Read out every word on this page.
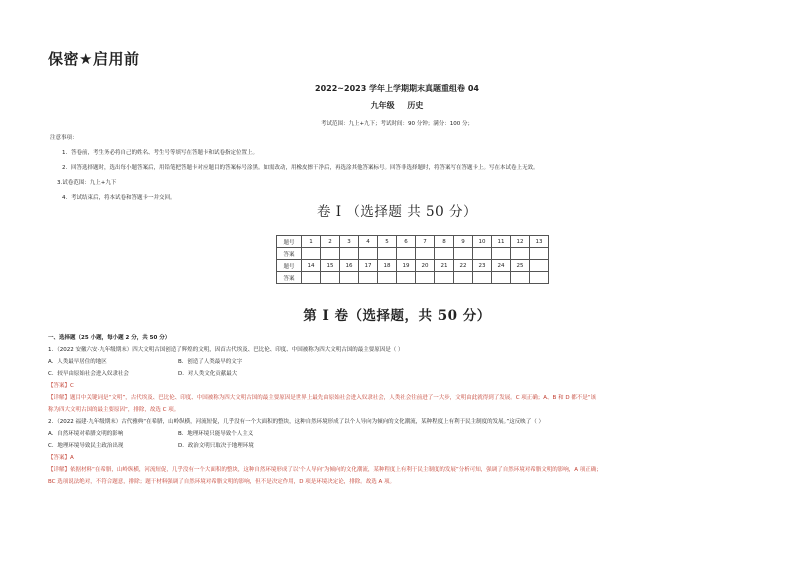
保密★启用前
2022~2023 学年上学期期末真题重组卷 04
九年级 历史
考试范围：九上+九下；考试时间：90 分钟；满分：100 分；
注意事项：
1．答卷前，考生务必将自己的姓名、考生号等填写在答题卡和试卷指定位置上。
2．回答选择题时，选出每小题答案后，用铅笔把答题卡对应题目的答案标号涂黑。如需改动，用橡皮擦干净后，再选涂其他答案标号。回答非选择题时，将答案写在答题卡上。写在本试卷上无效。
3.试卷范围：九上+九下
4．考试结束后，将本试卷和答题卡一并交回。
卷 I （选择题 共 50 分）
题号	1	2	3	4	5	6	7	8	9	10	11	12	13
答案													
题号	14	15	16	17	18	19	20	21	22	23	24	25	
答案													
第 I 卷（选择题，共 50 分）
一、选择题（25 小题，每小题 2 分，共 50 分）
1．（2022 安徽六安·九年级期末）四大文明古国创造了辉煌的文明，因首古代埃及、巴比伦、印度、中国被称为四大文明古国的最主要原因是（ ）
A．人类最早居住的地区	B．创造了人类最早的文字
C．较早由原始社会进入奴隶社会	D．对人类文化贡献最大
【答案】C
【详解】题目中关键词是“文明”，古代埃及、巴比伦、印度、中国被称为四大文明古国的最主要原因是世界上最先由原始社会进入奴隶社会，人类社会往前进了一大步，文明由此就得到了发展。C 项正确；A、B 和 D 都不是“该
称为四大文明古国的最主要原因”，排除，故选 C 项。
2．（2022 福建·九年级期末）古代雅典“在希腊，山岭纵横，河流短促，几乎没有一个大面积的整块，这种自然环境形成了以个人导向为倾向的文化潮流，某种程度上有利于民主制度的发展。”这反映了（ ）
A．自然环境对希腊文明的影响	B．地理环境只能导致个人主义
C．地理环境导致民主政治出现	D．政治文明只取决于地理环境
【答案】A
【详解】依据材料“在希腊，山岭纵横，河流短促，几乎没有一个大面积的整块，这种自然环境形成了以‘个人导向’为倾向的文化潮流，某种程度上有利于民主制度的发展”分析可知，强调了自然环境对希腊文明的影响，A 项正确；
BC 选项说法绝对，不符合题意，排除；题干材料强调了自然环境对希腊文明的影响，但不是决定作用，D 项是环境决定论，排除。故选 A 项。
